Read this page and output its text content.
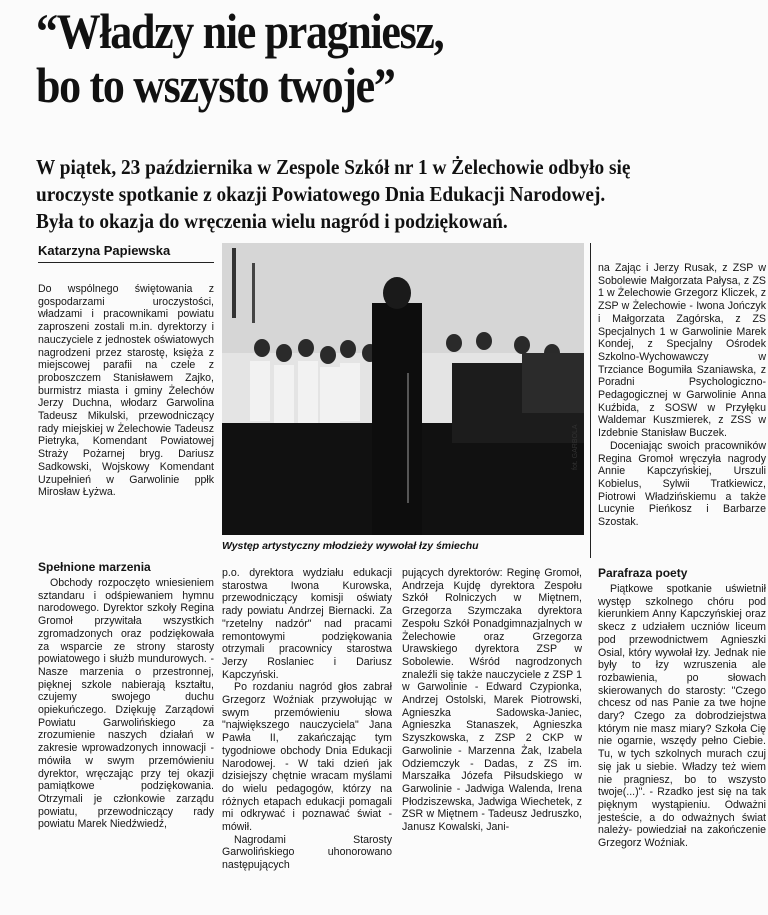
“Władzy nie pragniesz,
bo to wszysto twoje”
W piątek, 23 października w Zespole Szkół nr 1 w Żelechowie odbyło się
uroczyste spotkanie z okazji Powiatowego Dnia Edukacji Narodowej.
Była to okazja do wręczenia wielu nagród i podziękowań.
Katarzyna Papiewska
fot. GARBOLA
Występ artystyczny młodzieży wywołał łzy śmiechu

Do wspólnego świętowania z gospodarzami uroczystości, władzami i pracownikami powiatu zaproszeni zostali m.in. dyrektorzy i nauczyciele z jednostek oświatowych nagrodzeni przez starostę, księża z miejscowej parafii na czele z proboszczem Stanisławem Zajko, burmistrz miasta i gminy Żelechów Jerzy Duchna, włodarz Garwolina Tadeusz Mikulski, przewodniczący rady miejskiej w Żelechowie Tadeusz Pietryka, Komendant Powiatowej Straży Pożarnej bryg. Dariusz Sadkowski, Wojskowy Komendant Uzupełnień w Garwolinie ppłk Mirosław Łyżwa.

na Zając i Jerzy Rusak, z ZSP w Sobolewie Małgorzata Pałysa, z ZS 1 w Żelechowie Grzegorz Kliczek, z ZSP w Żelechowie - Iwona Jończyk i Małgorzata Zagórska, z ZS Specjalnych 1 w Garwolinie Marek Kondej, z Specjalny Ośrodek Szkolno-Wychowawczy w Trzciance Bogumiła Szaniawska, z Poradni Psychologiczno-Pedagogicznej w Garwolinie Anna Kuźbida, z SOSW w Przyłęku Waldemar Kuszmierek, z ZSS w Izdebnie Stanisław Buczek.

Doceniając swoich pracowników Regina Gromoł wręczyła nagrody Annie Kapczyńskiej, Urszuli Kobielus, Sylwii Tratkiewicz, Piotrowi Władzińskiemu a także Lucynie Pieńkosz i Barbarze Szostak.

Spełnione marzenia

Obchody rozpoczęto wniesieniem sztandaru i odśpiewaniem hymnu narodowego. Dyrektor szkoły Regina Gromoł przywitała wszystkich zgromadzonych oraz podziękowała za wsparcie ze strony starosty powiatowego i służb mundurowych. - Nasze marzenia o przestronnej, pięknej szkole nabierają kształtu, czujemy swojego duchu opiekuńczego. Dziękuję Zarządowi Powiatu Garwolińskiego za zrozumienie naszych działań w zakresie wprowadzonych innowacji - mówiła w swym przemówieniu dyrektor, wręczając przy tej okazji pamiątkowe podziękowania. Otrzymali je członkowie zarządu powiatu, przewodniczący rady powiatu Marek Niedźwiedź,

p.o. dyrektora wydziału edukacji starostwa Iwona Kurowska, przewodniczący komisji oświaty rady powiatu Andrzej Biernacki. Za "rzetelny nadzór" nad pracami remontowymi podziękowania otrzymali pracownicy starostwa Jerzy Roslaniec i Dariusz Kapczyński.

Po rozdaniu nagród głos zabrał Grzegorz Woźniak przywołując w swym przemówieniu słowa "największego nauczyciela" Jana Pawła II, zakańczając tym tygodniowe obchody Dnia Edukacji Narodowej. - W taki dzień jak dzisiejszy chętnie wracam myślami do wielu pedagogów, którzy na różnych etapach edukacji pomagali mi odkrywać i poznawać świat - mówił.

Nagrodami Starosty Garwolińskiego uhonorowano następujących

pujących dyrektorów: Reginę Gromoł, Andrzeja Kujdę dyrektora Zespołu Szkół Rolniczych w Miętnem, Grzegorza Szymczaka dyrektora Zespołu Szkół Ponadgimnazjalnych w Żelechowie oraz Grzegorza Urawskiego dyrektora ZSP w Sobolewie. Wśród nagrodzonych znaleźli się także nauczyciele z ZSP 1 w Garwolinie - Edward Czypionka, Andrzej Ostolski, Marek Piotrowski, Agnieszka Sadowska-Janiec, Agnieszka Stanaszek, Agnieszka Szyszkowska, z ZSP 2 CKP w Garwolinie - Marzenna Żak, Izabela Odziemczyk - Dadas, z ZS im. Marszałka Józefa Piłsudskiego w Garwolinie - Jadwiga Walenda, Irena Płodziszewska, Jadwiga Wiechetek, z ZSR w Miętnem - Tadeusz Jedruszko, Janusz Kowalski, Jani-

Parafraza poety

Piątkowe spotkanie uświetnił występ szkolnego chóru pod kierunkiem Anny Kapczyńskiej oraz skecz z udziałem uczniów liceum pod przewodnictwem Agnieszki Osial, który wywołał łzy. Jednak nie były to łzy wzruszenia ale rozbawienia, po słowach skierowanych do starosty: "Czego chcesz od nas Panie za twe hojne dary? Czego za dobrodziejstwa którym nie masz miary? Szkoła Cię nie ogarnie, wszędy pełno Ciebie. Tu, w tych szkolnych murach czuj się jak u siebie. Władzy też wiem nie pragniesz, bo to wszysto twoje(...)". - Rzadko jest się na tak pięknym wystąpieniu. Odważni jesteście, a do odważnych świat należy- powiedział na zakończenie Grzegorz Woźniak.
